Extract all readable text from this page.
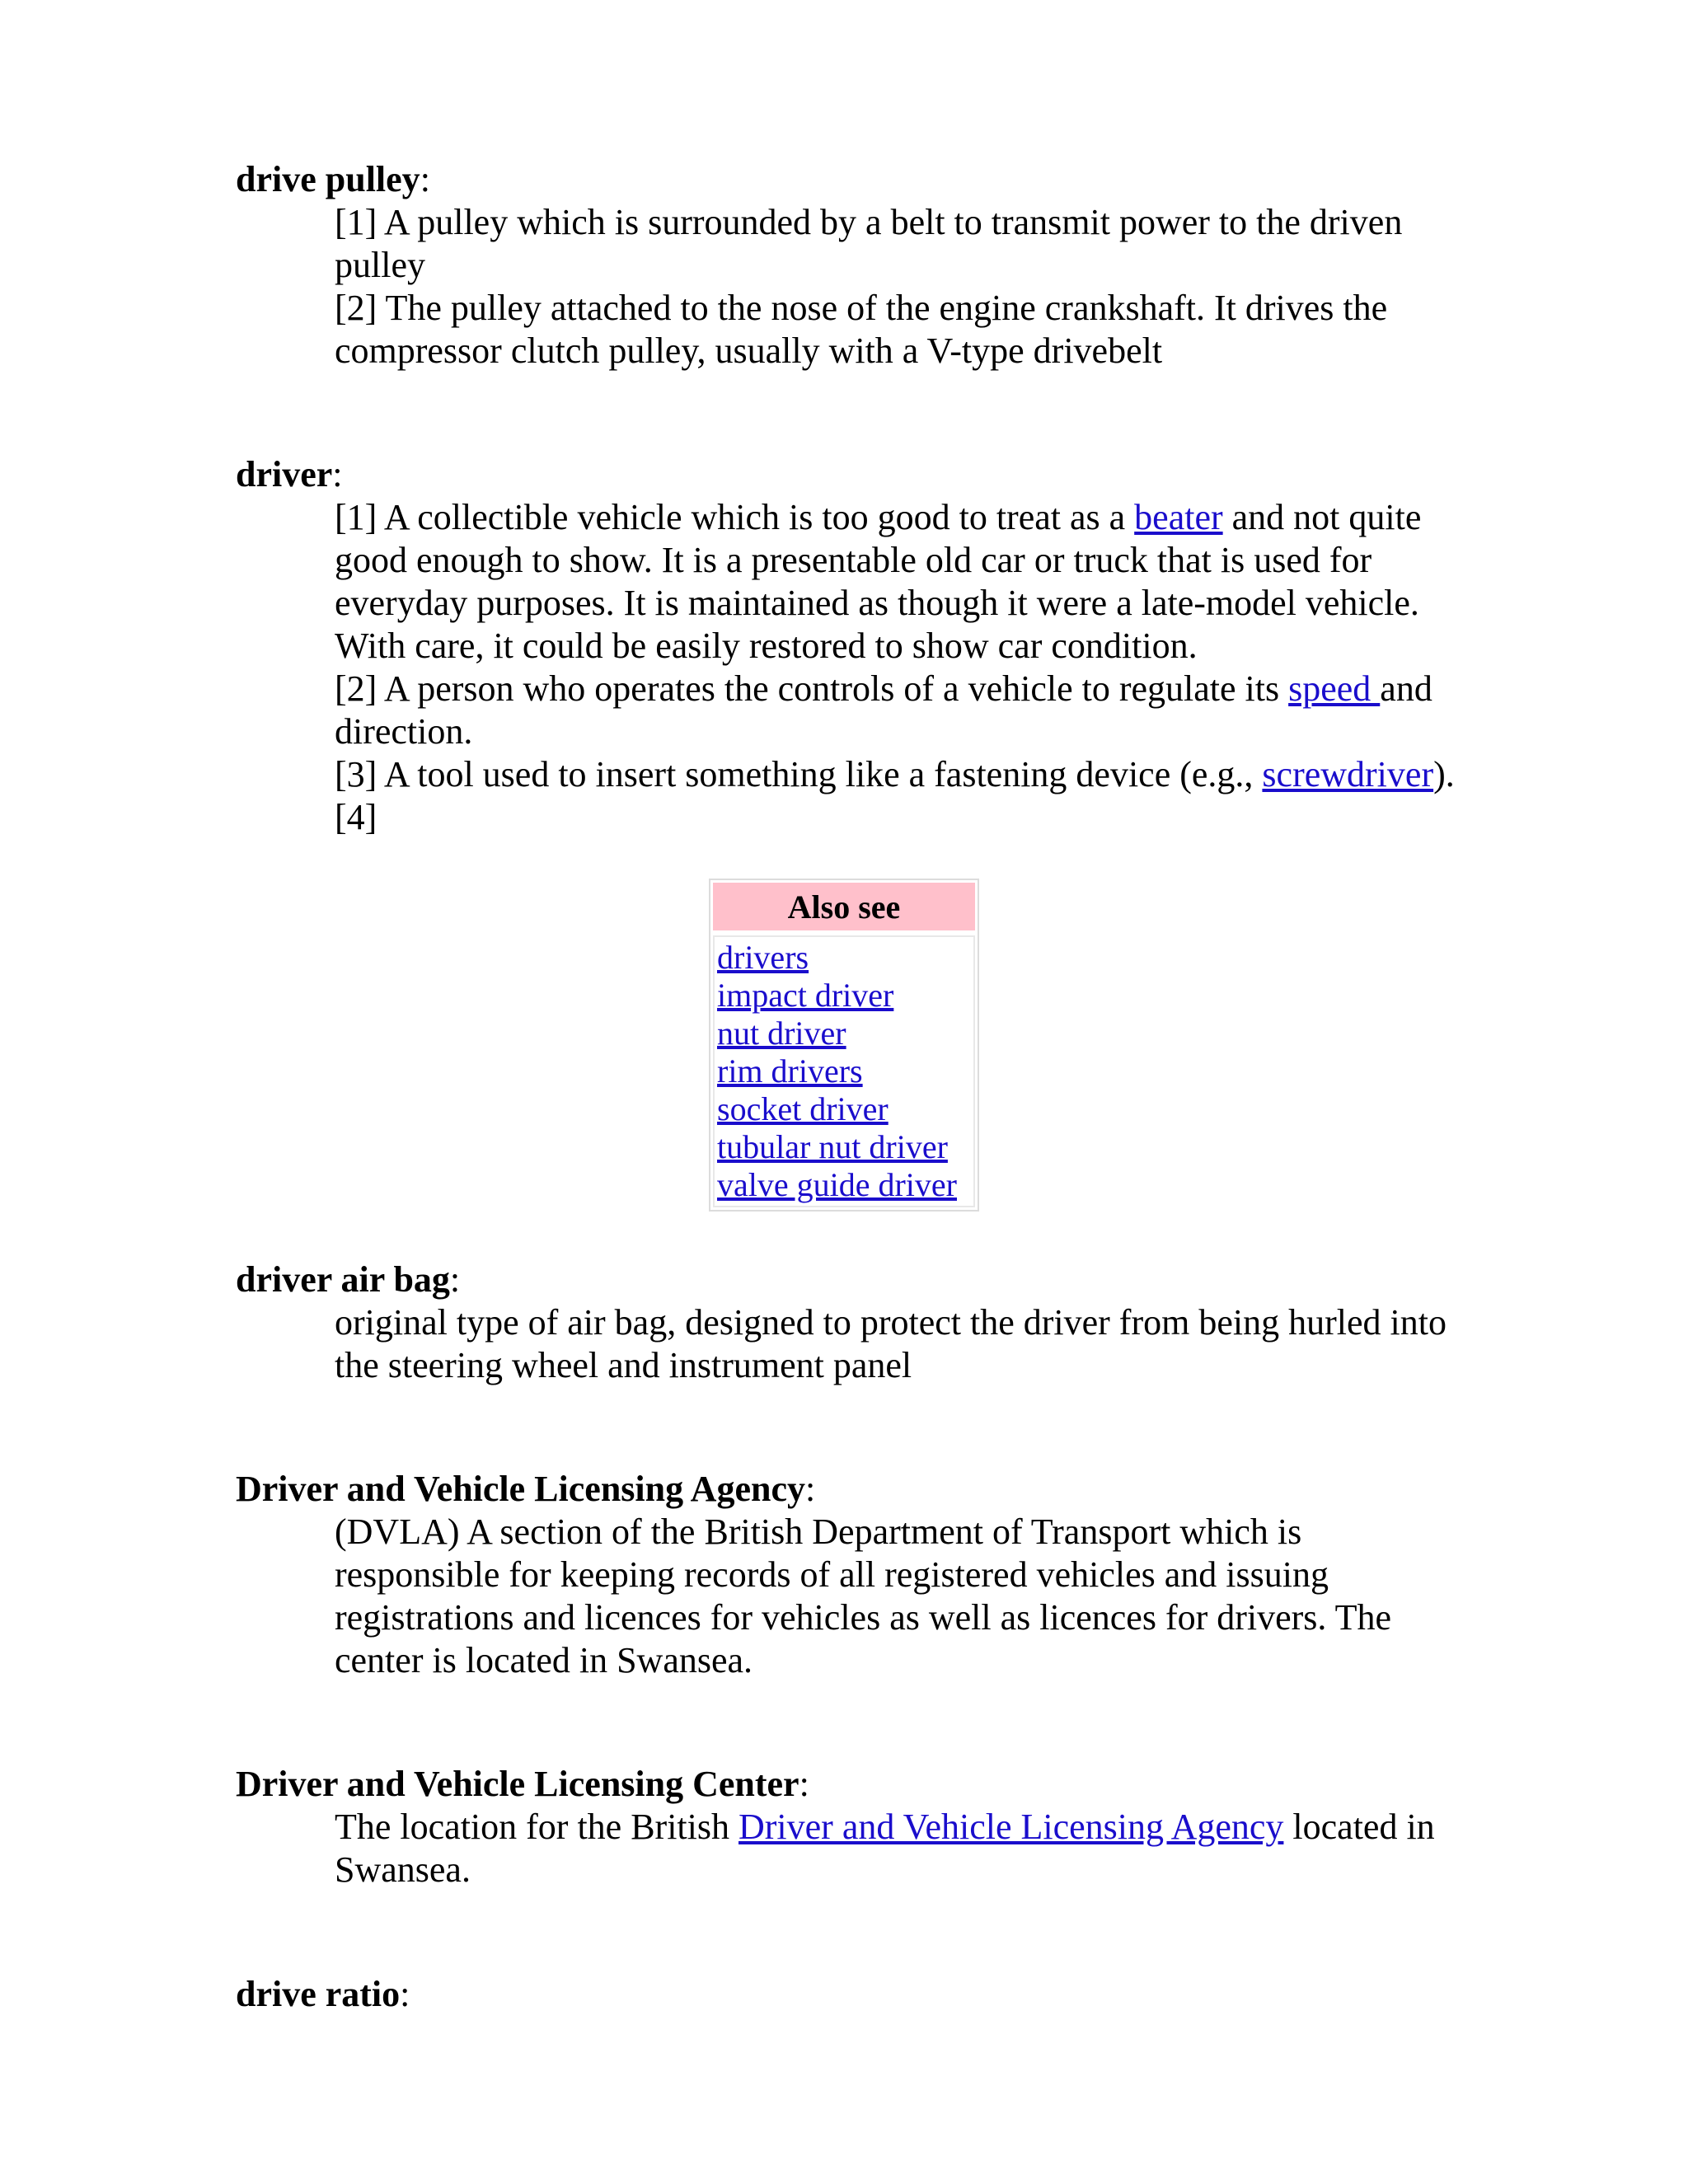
drive pulley:
[1] A pulley which is surrounded by a belt to transmit power to the driven pulley
[2] The pulley attached to the nose of the engine crankshaft. It drives the compressor clutch pulley, usually with a V-type drivebelt
driver:
[1] A collectible vehicle which is too good to treat as a beater and not quite good enough to show. It is a presentable old car or truck that is used for everyday purposes. It is maintained as though it were a late-model vehicle. With care, it could be easily restored to show car condition.
[2] A person who operates the controls of a vehicle to regulate its speed and direction.
[3] A tool used to insert something like a fastening device (e.g., screwdriver).
[4]
Also see
drivers
impact driver
nut driver
rim drivers
socket driver
tubular nut driver
valve guide driver
driver air bag:
original type of air bag, designed to protect the driver from being hurled into the steering wheel and instrument panel
Driver and Vehicle Licensing Agency:
(DVLA) A section of the British Department of Transport which is responsible for keeping records of all registered vehicles and issuing registrations and licences for vehicles as well as licences for drivers. The center is located in Swansea.
Driver and Vehicle Licensing Center:
The location for the British Driver and Vehicle Licensing Agency located in Swansea.
drive ratio:
